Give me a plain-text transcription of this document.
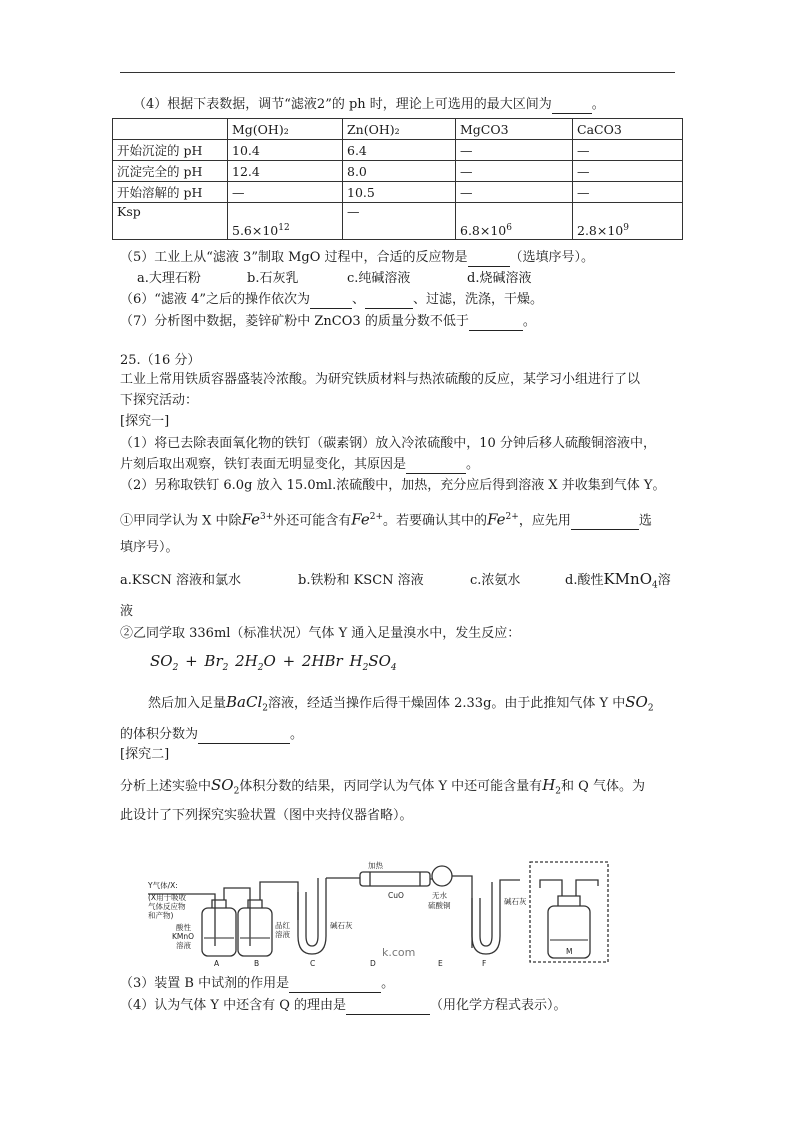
（4）根据下表数据，调节“滤液2”的 ph 时，理论上可选用的最大区间为	。
	Mg(OH)₂	Zn(OH)₂	MgCO3	CaCO3
开始沉淀的 pH	10.4	6.4	—	—
沉淀完全的 pH	12.4	8.0	—	—
开始溶解的 pH	—	10.5	—	—
Ksp	$5.6\times 10^{12}$	—	$6.8\times 10^6$	$2.8\times 10^9$
（5）工业上从“滤液 3”制取 MgO 过程中，合适的反应物是	（选填序号）。
a.大理石粉	b.石灰乳	c.纯碱溶液	d.烧碱溶液
（6）“滤液 4”之后的操作依次为	、	、过滤，洗涤，干燥。
（7）分析图中数据，菱锌矿粉中 ZnCO3 的质量分数不低于	。
25.（16 分）
工业上常用铁质容器盛装冷浓酸。为研究铁质材料与热浓硫酸的反应，某学习小组进行了以
下探究活动：
[探究一]
（1）将已去除表面氧化物的铁钉（碳素钢）放入冷浓硫酸中，10 分钟后移人硫酸铜溶液中，
片刻后取出观察，铁钉表面无明显变化，其原因是	。
（2）另称取铁钉 6.0g 放入 15.0ml.浓硫酸中，加热，充分应后得到溶液 X 并收集到气体 Y。
①甲同学认为 X 中除$Fe^{3+}$外还可能含有$Fe^{2+}$。若要确认其中的$Fe^{2+}$，应先用	选
填序号）。
a.KSCN 溶液和氯水	b.铁粉和 KSCN 溶液	c.浓氨水	d.酸性KMnO$_4$溶
液
②乙同学取 336ml（标准状况）气体 Y 通入足量溴水中，发生反应：
$SO_2 + Br_2$ $2H_2O + 2HBr$ $H_2SO_4$
然后加入足量BaCl$_2$溶液，经适当操作后得干燥固体 2.33g。由于此推知气体 Y 中$SO_2$
的体积分数为	。
[探究二]
分析上述实验中$SO_2$体积分数的结果，丙同学认为气体 Y 中还可能含量有$H_2$和 Q 气体。为
此设计了下列探究实验状置（图中夹持仪器省略）。
Y气体/X:
(X用于吸收
气体反应物
和产物)
酸性
KMnO
溶液
品红
溶液
碱石灰
加热
CuO	无水
硫酸铜	碱石灰
A	B	C	D	E	F
M
k.com
（3）装置 B 中试剂的作用是	。
（4）认为气体 Y 中还含有 Q 的理由是	（用化学方程式表示）。
